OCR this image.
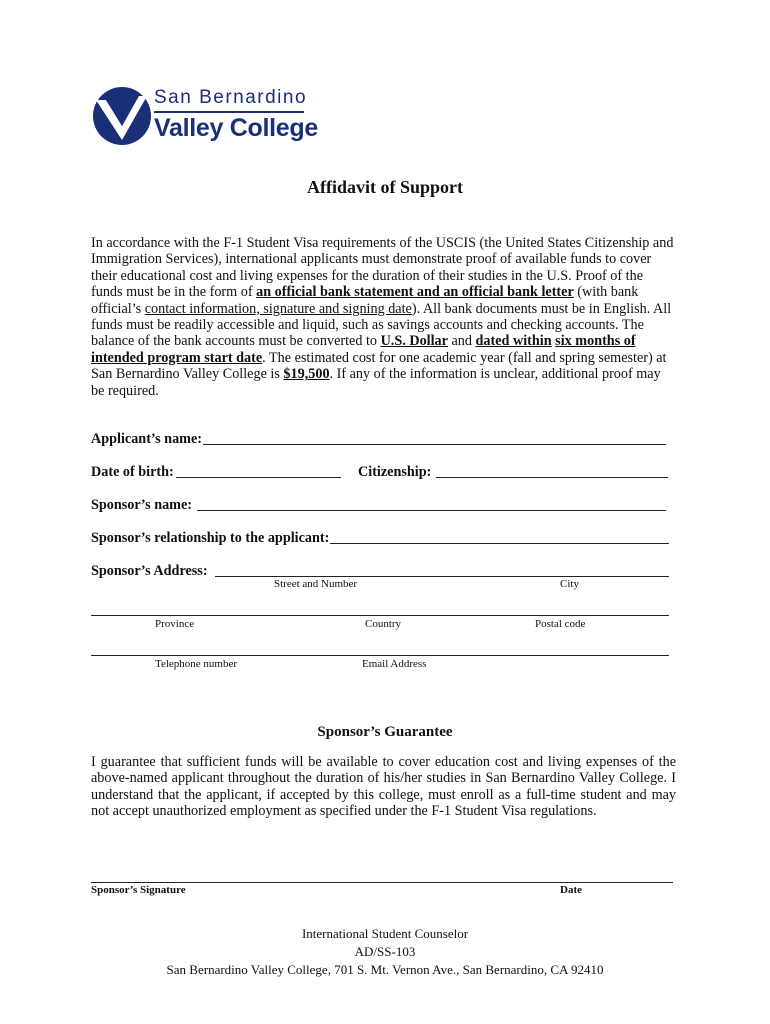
San Bernardino
Valley College
Affidavit of Support
In accordance with the F-1 Student Visa requirements of the USCIS (the United States Citizenship and Immigration Services), international applicants must demonstrate proof of available funds to cover their educational cost and living expenses for the duration of their studies in the U.S. Proof of the funds must be in the form of an official bank statement and an official bank letter (with bank official’s contact information, signature and signing date). All bank documents must be in English. All funds must be readily accessible and liquid, such as savings accounts and checking accounts. The balance of the bank accounts must be converted to U.S. Dollar and dated within six months of intended program start date. The estimated cost for one academic year (fall and spring semester) at San Bernardino Valley College is $19,500. If any of the information is unclear, additional proof may be required.
Applicant’s name:
Date of birth:	Citizenship:
Sponsor’s name:
Sponsor’s relationship to the applicant:
Sponsor’s Address:
Street and Number	City
Province	Country	Postal code
Telephone number	Email Address
Sponsor’s Guarantee
I guarantee that sufficient funds will be available to cover education cost and living expenses of the above-named applicant throughout the duration of his/her studies in San Bernardino Valley College. I understand that the applicant, if accepted by this college, must enroll as a full-time student and may not accept unauthorized employment as specified under the F-1 Student Visa regulations.
Sponsor’s Signature	Date
International Student Counselor
AD/SS-103
San Bernardino Valley College, 701 S. Mt. Vernon Ave., San Bernardino, CA 92410
